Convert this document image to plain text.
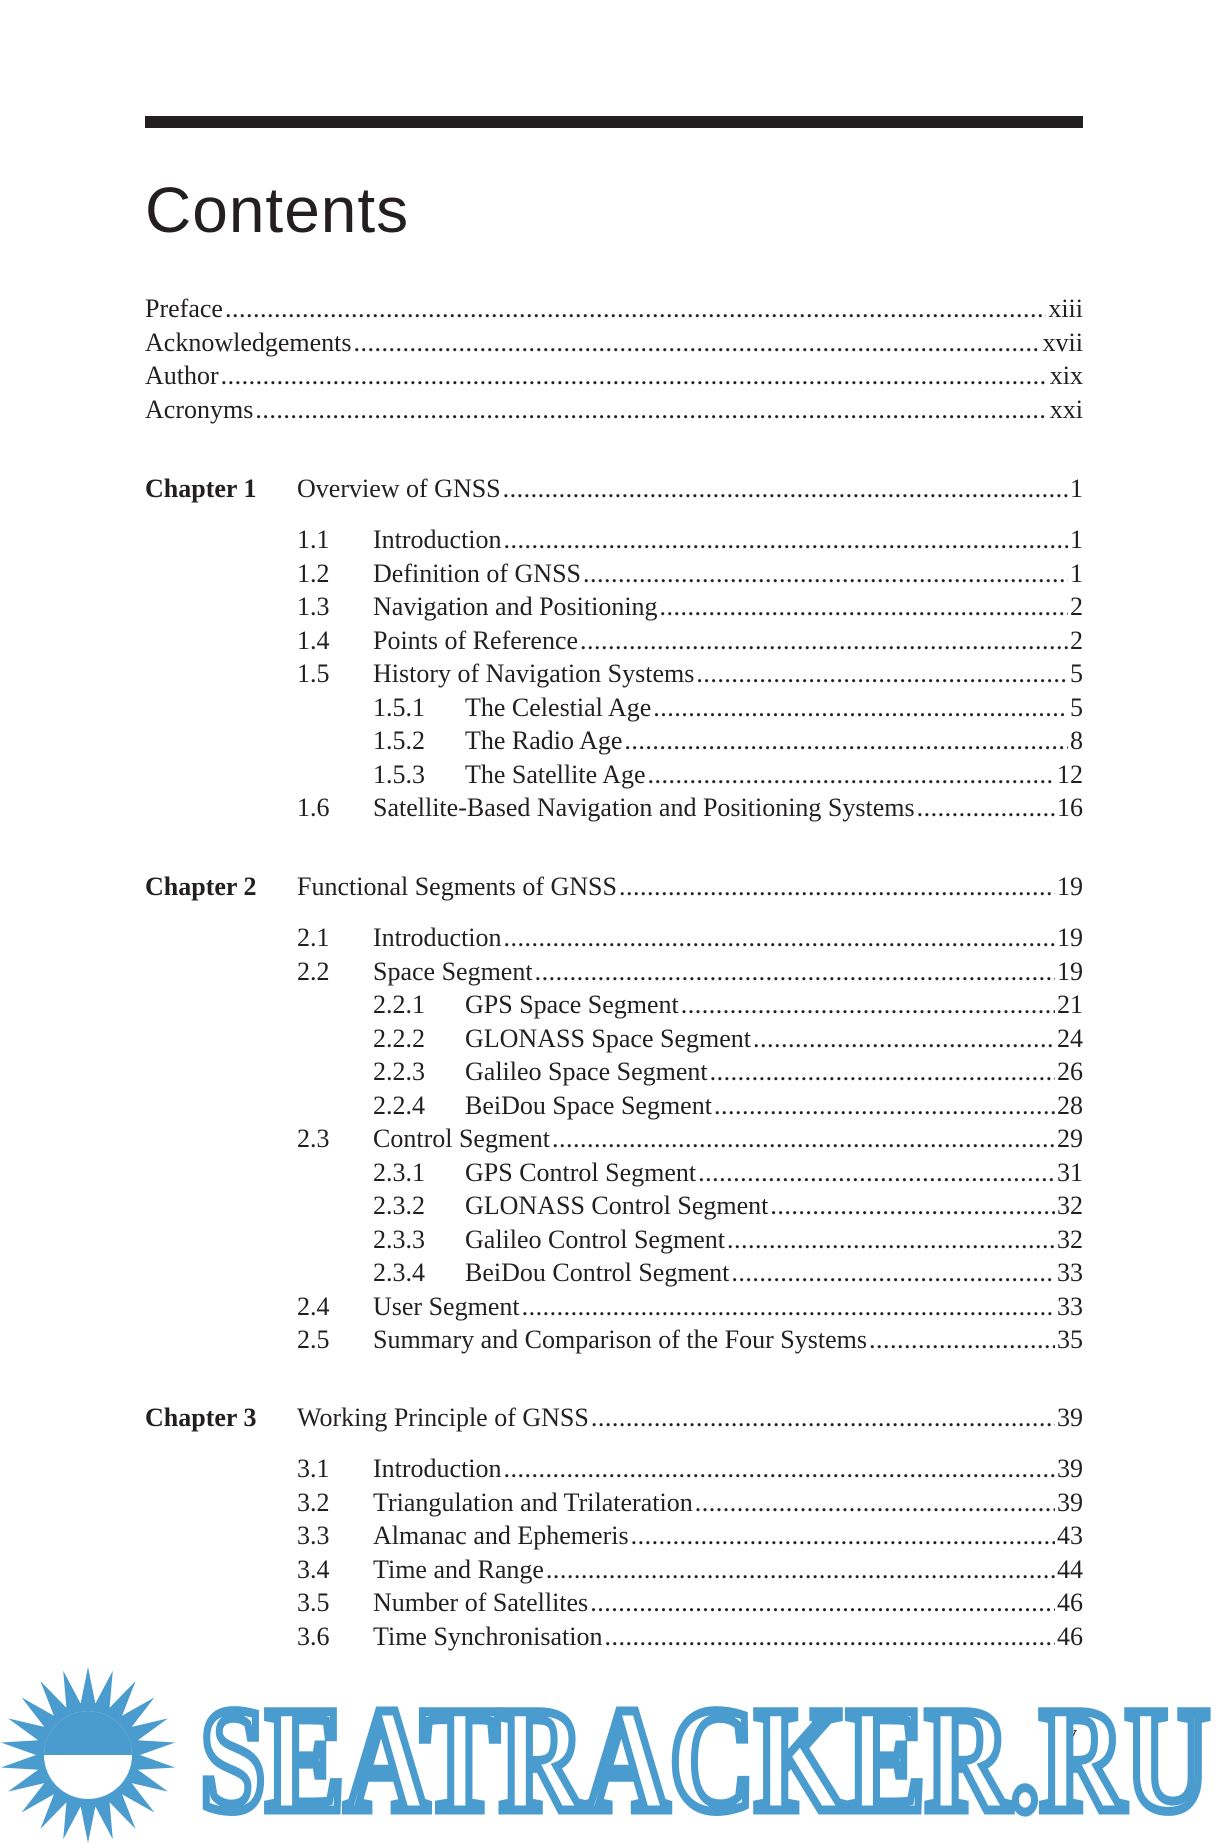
Contents
Preface . . .	xiii
Acknowledgements . . .	xvii
Author . . .	xix
Acronyms . . .	xxi
Chapter 1 Overview of GNSS . . .	1
1.1 Introduction . . .	1
1.2 Definition of GNSS . . .	1
1.3 Navigation and Positioning . . .	2
1.4 Points of Reference . . .	2
1.5 History of Navigation Systems . . .	5
1.5.1 The Celestial Age . . .	5
1.5.2 The Radio Age . . .	8
1.5.3 The Satellite Age . . .	12
1.6 Satellite-Based Navigation and Positioning Systems . . .	16
Chapter 2 Functional Segments of GNSS . . .	19
2.1 Introduction . . .	19
2.2 Space Segment . . .	19
2.2.1 GPS Space Segment . . .	21
2.2.2 GLONASS Space Segment . . .	24
2.2.3 Galileo Space Segment . . .	26
2.2.4 BeiDou Space Segment . . .	28
2.3 Control Segment . . .	29
2.3.1 GPS Control Segment . . .	31
2.3.2 GLONASS Control Segment . . .	32
2.3.3 Galileo Control Segment . . .	32
2.3.4 BeiDou Control Segment . . .	33
2.4 User Segment . . .	33
2.5 Summary and Comparison of the Four Systems . . .	35
Chapter 3 Working Principle of GNSS . . .	39
3.1 Introduction . . .	39
3.2 Triangulation and Trilateration . . .	39
3.3 Almanac and Ephemeris . . .	43
3.4 Time and Range . . .	44
3.5 Number of Satellites . . .	46
3.6 Time Synchronisation . . .	46
v
SEATRACKER.RU
